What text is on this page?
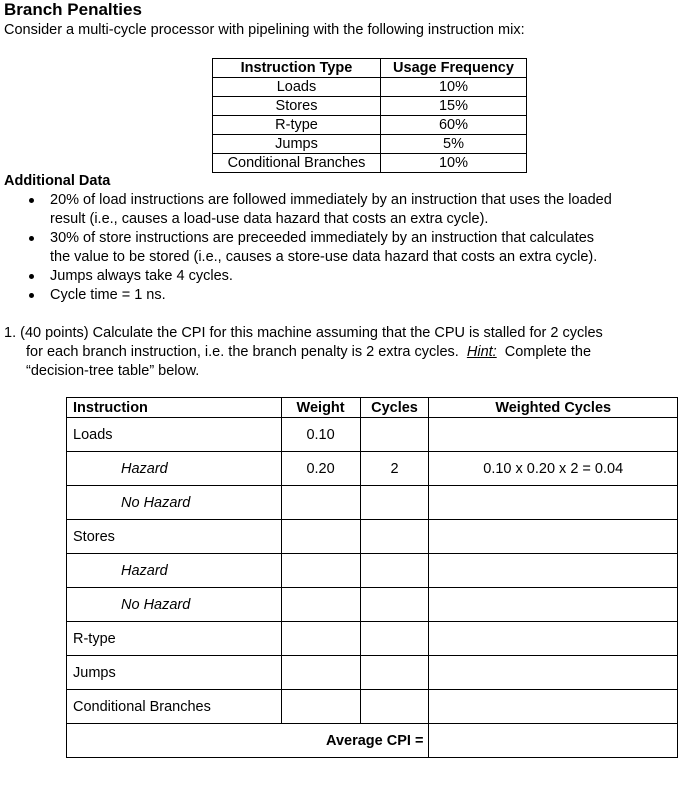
Branch Penalties
Consider a multi-cycle processor with pipelining with the following instruction mix:
Instruction Type	Usage Frequency
Loads	10%
Stores	15%
R-type	60%
Jumps	5%
Conditional Branches	10%
Additional Data
20% of load instructions are followed immediately by an instruction that uses the loaded
result (i.e., causes a load-use data hazard that costs an extra cycle).
30% of store instructions are preceeded immediately by an instruction that calculates
the value to be stored (i.e., causes a store-use data hazard that costs an extra cycle).
Jumps always take 4 cycles.
Cycle time = 1 ns.
1. (40 points) Calculate the CPI for this machine assuming that the CPU is stalled for 2 cycles
for each branch instruction, i.e. the branch penalty is 2 extra cycles.  Hint:  Complete the
“decision-tree table” below.
Instruction	Weight	Cycles	Weighted Cycles
Loads	0.10		
Hazard	0.20	2	0.10 x 0.20 x 2 = 0.04
No Hazard			
Stores			
Hazard			
No Hazard			
R-type			
Jumps			
Conditional Branches			
Average CPI =			
